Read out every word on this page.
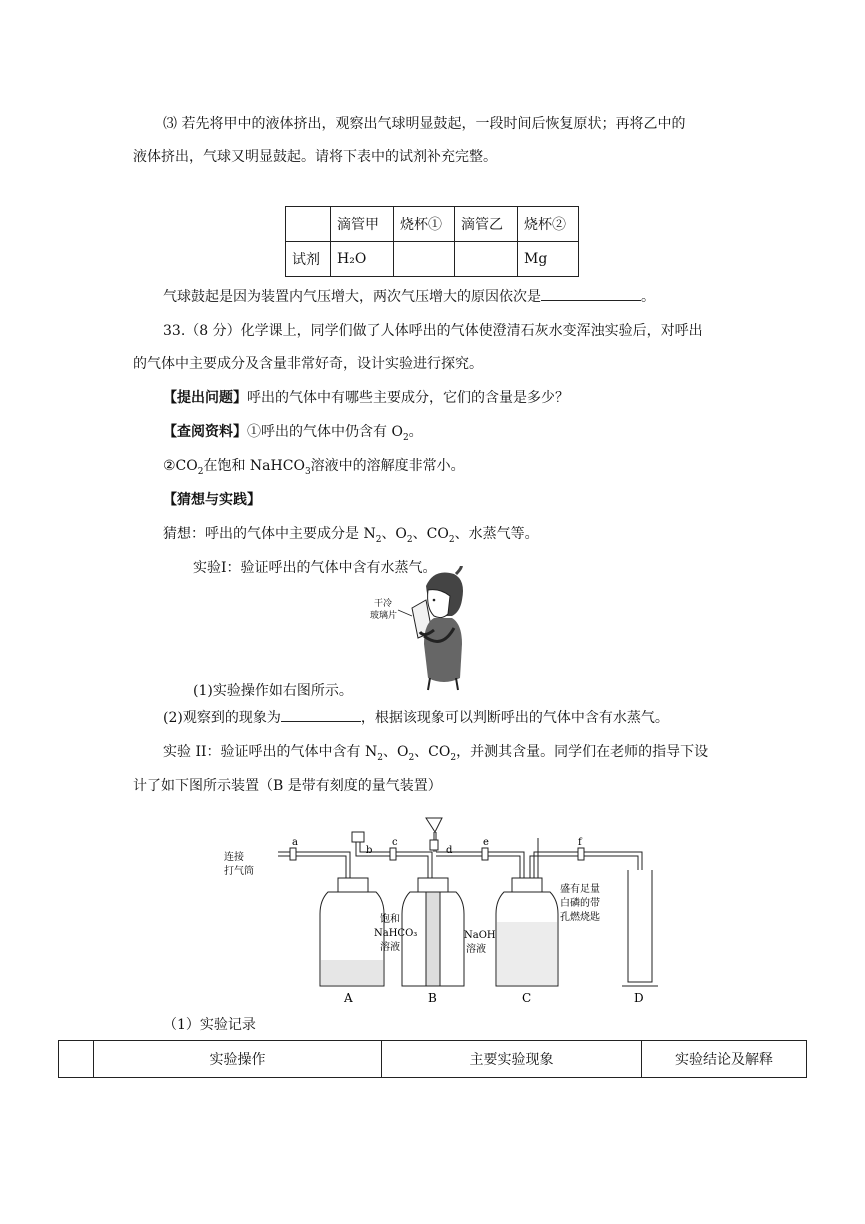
⑶ 若先将甲中的液体挤出，观察出气球明显鼓起，一段时间后恢复原状；再将乙中的
液体挤出，气球又明显鼓起。请将下表中的试剂补充完整。
	滴管甲	烧杯①	滴管乙	烧杯②
试剂	H₂O			Mg
气球鼓起是因为装置内气压增大，两次气压增大的原因依次是	。
33.（8 分）化学课上，同学们做了人体呼出的气体使澄清石灰水变浑浊实验后，对呼出
的气体中主要成分及含量非常好奇，设计实验进行探究。
【提出问题】呼出的气体中有哪些主要成分，它们的含量是多少？
【查阅资料】①呼出的气体中仍含有 $O_2$。
$②CO_2$在饱和 NaHCO$_3$溶液中的溶解度非常小。
【猜想与实践】
猜想：呼出的气体中主要成分是 $N_2$、$O_2$、$CO_2$、水蒸气等。
实验Ⅰ：验证呼出的气体中含有水蒸气。
干冷
玻璃片
(1)实验操作如右图所示。
(2)观察到的现象为	，根据该现象可以判断呼出的气体中含有水蒸气。
实验 II：验证呼出的气体中含有 $N_2$、$O_2$、$CO_2$，并测其含量。同学们在老师的指导下设
计了如下图所示装置（B 是带有刻度的量气装置）
连接
打气筒
a
b
c
d
e	f
饱和
NaHCO₃
溶液
NaOH
溶液
盛有足量
白磷的带
孔燃烧匙
A	B	C	D
（1）实验记录
	实验操作	主要实验现象	实验结论及解释
